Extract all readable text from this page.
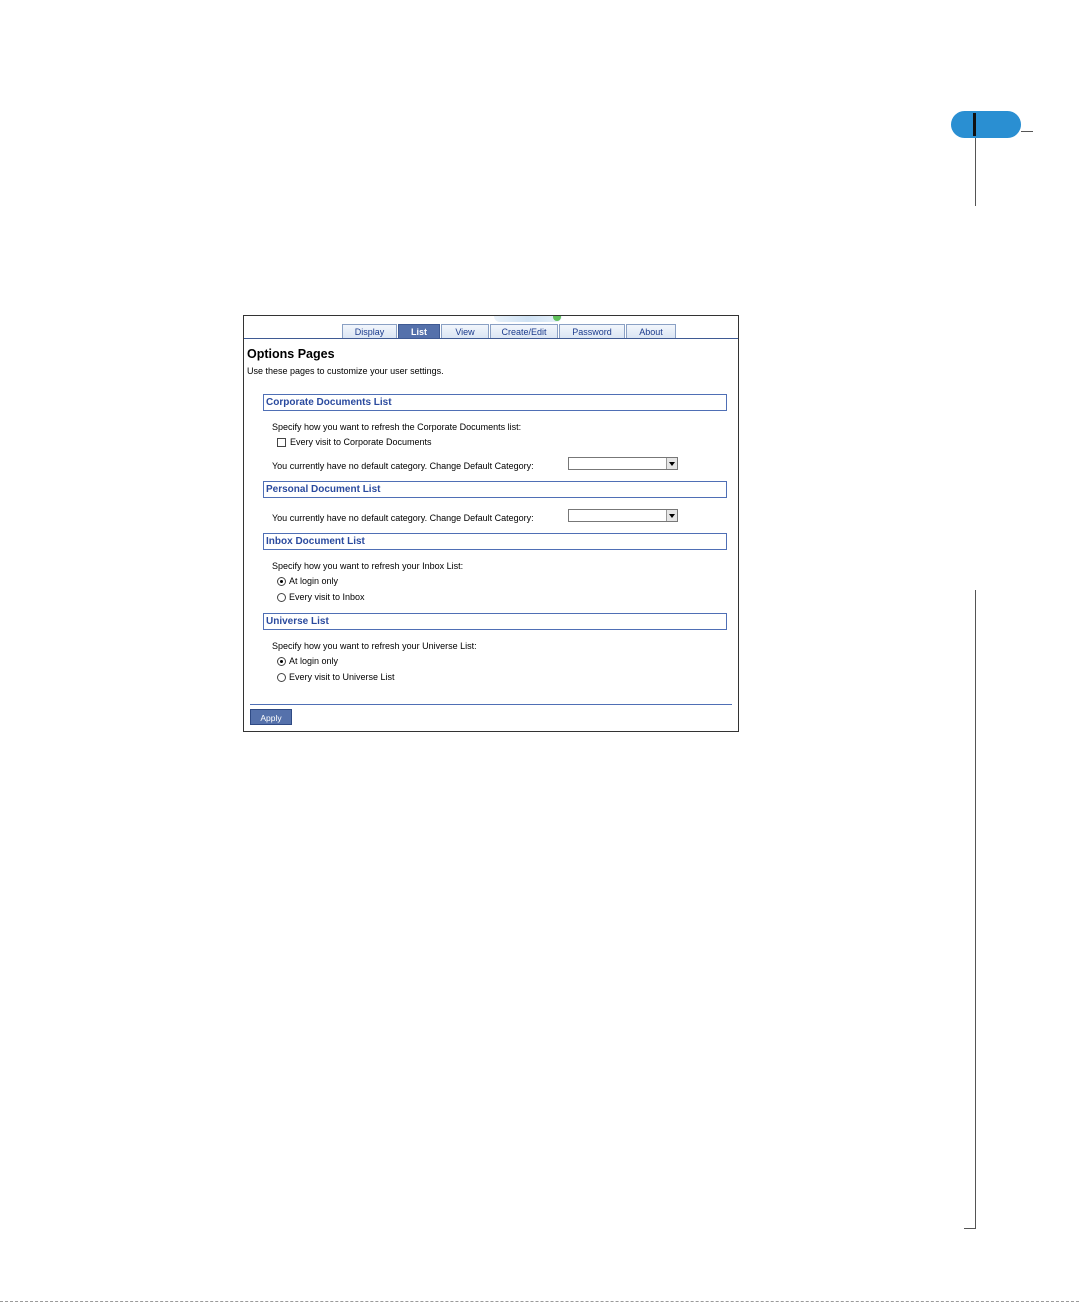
Display	List	View	Create/Edit	Password	About
Options Pages
Use these pages to customize your user settings.
Corporate Documents List
Specify how you want to refresh the Corporate Documents list:
Every visit to Corporate Documents
You currently have no default category. Change Default Category:
Personal Document List
You currently have no default category. Change Default Category:
Inbox Document List
Specify how you want to refresh your Inbox List:
At login only
Every visit to Inbox
Universe List
Specify how you want to refresh your Universe List:
At login only
Every visit to Universe List
Apply
